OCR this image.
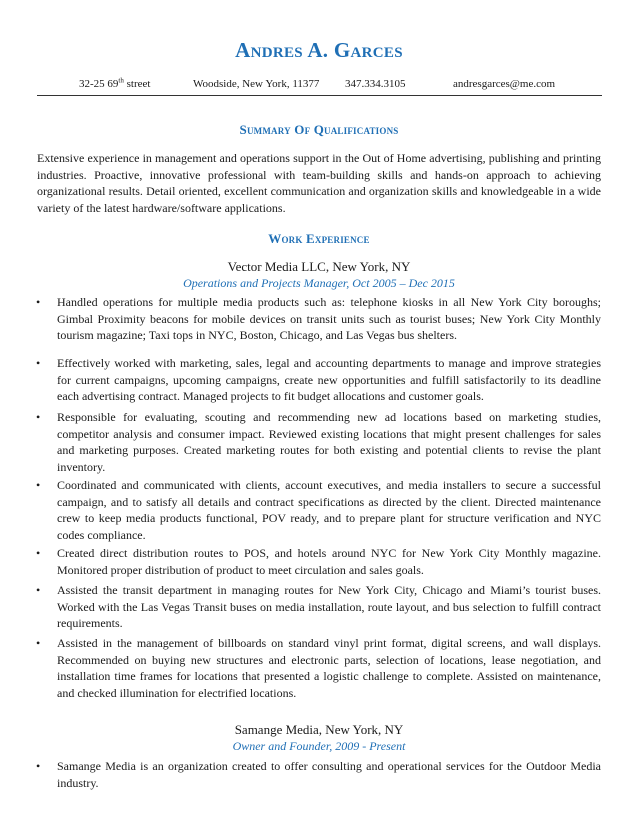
Andres A. Garces
32-25 69th street	Woodside, New York, 11377 347.334.3105	andresgarces@me.com
Summary Of Qualifications

Extensive experience in management and operations support in the Out of Home advertising, publishing and printing industries. Proactive, innovative professional with team-building skills and hands-on approach to achieving organizational results. Detail oriented, excellent communication and organization skills and knowledgeable in a wide variety of the latest hardware/software applications.

Work Experience
Vector Media LLC, New York, NY
Operations and Projects Manager, Oct 2005 – Dec 2015
• Handled operations for multiple media products such as: telephone kiosks in all New York City boroughs; Gimbal Proximity beacons for mobile devices on transit units such as tourist buses; New York City Monthly tourism magazine; Taxi tops in NYC, Boston, Chicago, and Las Vegas bus shelters.

• Effectively worked with marketing, sales, legal and accounting departments to manage and improve strategies for current campaigns, upcoming campaigns, create new opportunities and fulfill satisfactorily to its deadline each advertising contract. Managed projects to fit budget allocations and customer goals.

• Responsible for evaluating, scouting and recommending new ad locations based on marketing studies, competitor analysis and consumer impact. Reviewed existing locations that might present challenges for sales and marketing purposes. Created marketing routes for both existing and potential clients to revise the plant inventory.

• Coordinated and communicated with clients, account executives, and media installers to secure a successful campaign, and to satisfy all details and contract specifications as directed by the client. Directed maintenance crew to keep media products functional, POV ready, and to prepare plant for structure verification and NYC codes compliance.

• Created direct distribution routes to POS, and hotels around NYC for New York City Monthly magazine. Monitored proper distribution of product to meet circulation and sales goals.

• Assisted the transit department in managing routes for New York City, Chicago and Miami’s tourist buses. Worked with the Las Vegas Transit buses on media installation, route layout, and bus selection to fulfill contract requirements.

• Assisted in the management of billboards on standard vinyl print format, digital screens, and wall displays. Recommended on buying new structures and electronic parts, selection of locations, lease negotiation, and installation time frames for locations that presented a logistic challenge to complete. Assisted on maintenance, and checked illumination for electrified locations.

Samange Media, New York, NY
Owner and Founder, 2009 - Present
• Samange Media is an organization created to offer consulting and operational services for the Outdoor Media industry.
